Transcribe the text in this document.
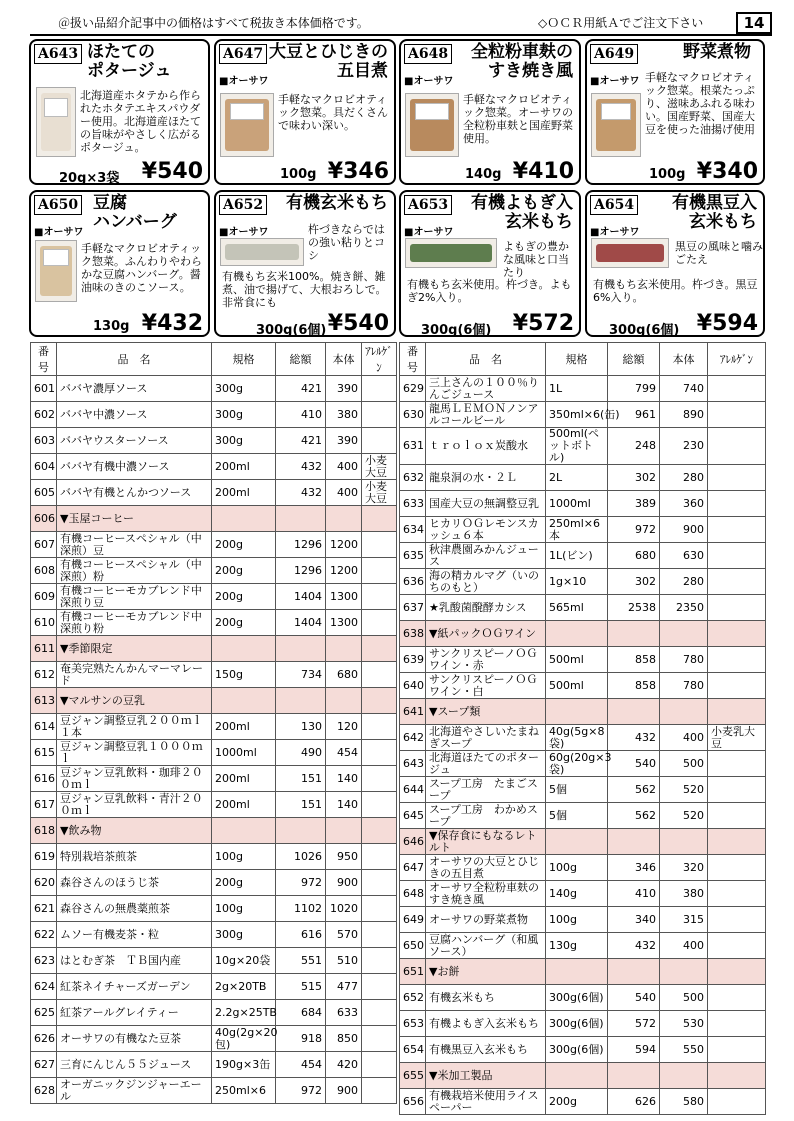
＠扱い品紹介記事中の価格はすべて税抜き本体価格です。	◇ＯＣＲ用紙Ａでご注文下さい	14
A643 ほたての
ポタージュ
北海道産ホタテから作られたホタテエキスパウダー使用。北海道産ほたての旨味がやさしく広がるポタージュ。
20g×3袋 ¥540
A647 大豆とひじきの
五目煮
■オーサワ
手軽なマクロビオティック惣菜。具だくさんで味わい深い。
100g ¥346
A648 全粒粉車麸の
すき焼き風
■オーサワ
手軽なマクロビオティック惣菜。オーサワの全粒粉車麸と国産野菜使用。
140g ¥410
A649	野菜煮物
■オーサワ 手軽なマクロビオティック惣菜。根菜たっぷり、滋味あふれる味わい。国産野菜、国産大豆を使った油揚げ使用
100g ¥340
A650 豆腐
ハンバーグ
■オーサワ
手軽なマクロビオティック惣菜。ふんわりやわらかな豆腐ハンバーグ。醤油味のきのこソース。
130g ¥432
A652 有機玄米もち
■オーサワ	杵づきならではの強い粘りとコシ
有機もち玄米100%。焼き餅、雑煮、油で揚げて、大根おろしで。非常食にも
300g(6個) ¥540
A653 有機よもぎ入
玄米もち
■オーサワ
よもぎの豊かな風味と口当たり
有機もち玄米使用。杵づき。よもぎ2%入り。
300g(6個) ¥572
A654 有機黒豆入
玄米もち
■オーサワ
黒豆の風味と噛みごたえ
有機もち玄米使用。杵づき。黒豆6%入り。
300g(6個) ¥594
番号	品　名	規格	総額	本体	ｱﾚﾙｹﾞﾝ
601	ババヤ濃厚ソース	300g	421	390	
602	ババヤ中濃ソース	300g	410	380	
603	ババヤウスターソース	300g	421	390	
604	ババヤ有機中濃ソース	200ml	432	400	小麦大豆
605	ババヤ有機とんかつソース	200ml	432	400	小麦大豆
606	▼玉屋コーヒー				
607	有機コーヒースペシャル（中深煎）豆	200g	1296	1200	
608	有機コーヒースペシャル（中深煎）粉	200g	1296	1200	
609	有機コーヒーモカブレンド中深煎り豆	200g	1404	1300	
610	有機コーヒーモカブレンド中深煎り粉	200g	1404	1300	
611	▼季節限定				
612	奄美完熟たんかんマーマレード	150g	734	680	
613	▼マルサンの豆乳				
614	豆ジャン調整豆乳２００ｍｌ１本	200ml	130	120	
615	豆ジャン調整豆乳１０００ｍｌ	1000ml	490	454	
616	豆ジャン豆乳飲料・珈琲２００ｍｌ	200ml	151	140	
617	豆ジャン豆乳飲料・青汁２００ｍｌ	200ml	151	140	
618	▼飲み物				
619	特別栽培茶煎茶	100g	1026	950	
620	森谷さんのほうじ茶	200g	972	900	
621	森谷さんの無農薬煎茶	100g	1102	1020	
622	ムソー有機麦茶・粒	300g	616	570	
623	はとむぎ茶　ＴＢ国内産	10g×20袋	551	510	
624	紅茶ネイチャーズガーデン	2g×20TB	515	477	
625	紅茶アールグレイティー	2.2g×25TB	684	633	
626	オーサワの有機なた豆茶	40g(2g×20包)	918	850	
627	三育にんじん５５ジュース	190g×3缶	454	420	
628	オーガニックジンジャーエール	250ml×6	972	900	
番号	品　名	規格	総額	本体	ｱﾚﾙｹﾞﾝ
629	三上さんの１００％りんごジュース	1L	799	740	
630	龍馬ＬＥＭＯＮノンアルコールビール	350ml×6(缶)	961	890	
631	ｔｒｏｌｏｘ炭酸水	500ml(ペットボトル)	248	230	
632	龍泉洞の水・２Ｌ	2L	302	280	
633	国産大豆の無調整豆乳	1000ml	389	360	
634	ヒカリＯＧレモンスカッシュ６本	250ml×6本	972	900	
635	秋津農園みかんジュース	1L(ビン)	680	630	
636	海の精カルマグ（いのちのもと）	1g×10	302	280	
637	★乳酸菌醗酵カシス	565ml	2538	2350	
638	▼紙パックＯＧワイン				
639	サンクリスピーノＯＧワイン・赤	500ml	858	780	
640	サンクリスピーノＯＧワイン・白	500ml	858	780	
641	▼スープ類				
642	北海道やさしいたまねぎスープ	40g(5g×8袋)	432	400	小麦乳大豆
643	北海道ほたてのポタージュ	60g(20g×3袋)	540	500	
644	スープ工房　たまごスープ	5個	562	520	
645	スープ工房　わかめスープ	5個	562	520	
646	▼保存食にもなるレトルト				
647	オーサワの大豆とひじきの五目煮	100g	346	320	
648	オーサワ全粒粉車麸のすき焼き風	140g	410	380	
649	オーサワの野菜煮物	100g	340	315	
650	豆腐ハンバーグ（和風ソース）	130g	432	400	
651	▼お餅				
652	有機玄米もち	300g(6個)	540	500	
653	有機よもぎ入玄米もち	300g(6個)	572	530	
654	有機黒豆入玄米もち	300g(6個)	594	550	
655	▼米加工製品				
656	有機栽培米使用ライスペーパー	200g	626	580	
